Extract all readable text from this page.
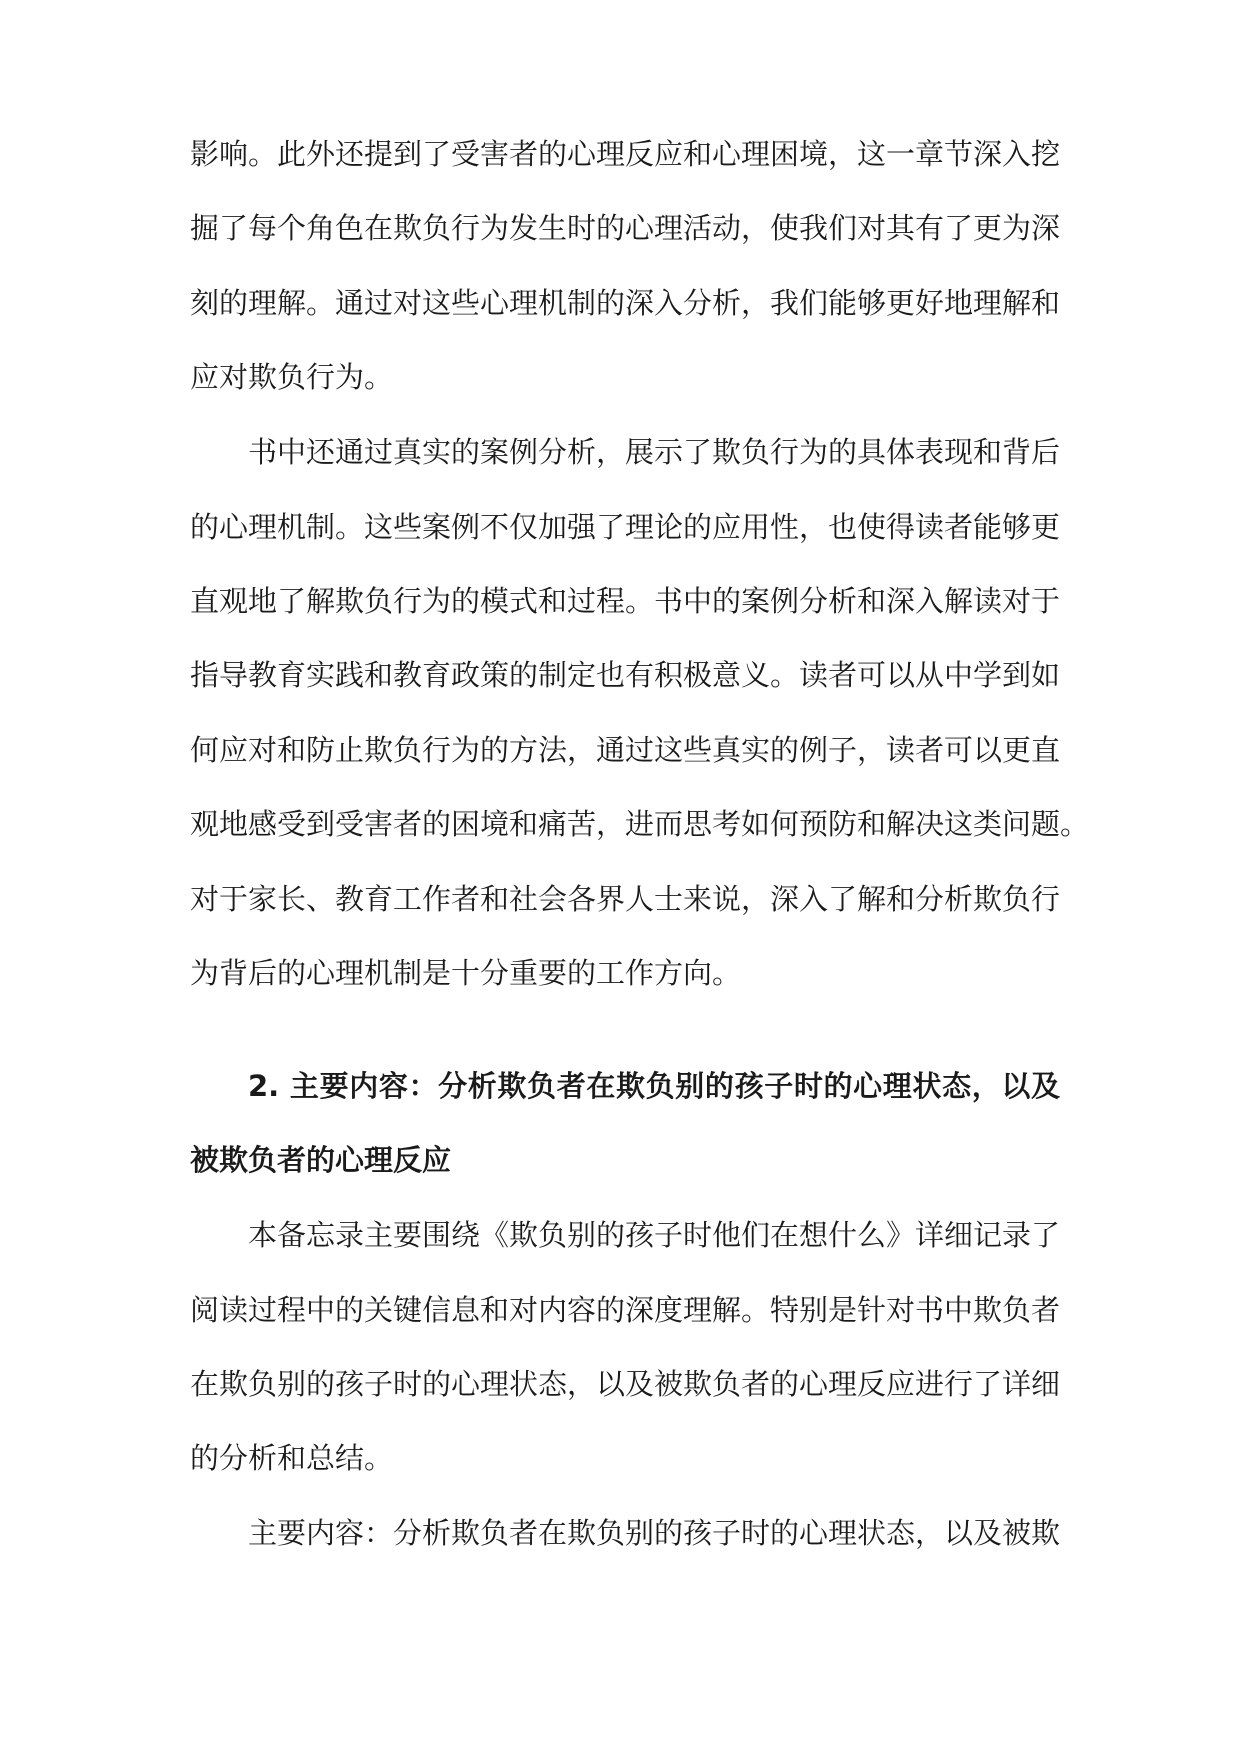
影响。此外还提到了受害者的心理反应和心理困境，这一章节深入挖

掘了每个角色在欺负行为发生时的心理活动，使我们对其有了更为深

刻的理解。通过对这些心理机制的深入分析，我们能够更好地理解和

应对欺负行为。

书中还通过真实的案例分析，展示了欺负行为的具体表现和背后

的心理机制。这些案例不仅加强了理论的应用性，也使得读者能够更

直观地了解欺负行为的模式和过程。书中的案例分析和深入解读对于

指导教育实践和教育政策的制定也有积极意义。读者可以从中学到如

何应对和防止欺负行为的方法，通过这些真实的例子，读者可以更直

观地感受到受害者的困境和痛苦，进而思考如何预防和解决这类问题。

对于家长、教育工作者和社会各界人士来说，深入了解和分析欺负行

为背后的心理机制是十分重要的工作方向。

2. 主要内容：分析欺负者在欺负别的孩子时的心理状态，以及

被欺负者的心理反应

本备忘录主要围绕《欺负别的孩子时他们在想什么》详细记录了

阅读过程中的关键信息和对内容的深度理解。特别是针对书中欺负者

在欺负别的孩子时的心理状态，以及被欺负者的心理反应进行了详细

的分析和总结。

主要内容：分析欺负者在欺负别的孩子时的心理状态，以及被欺
